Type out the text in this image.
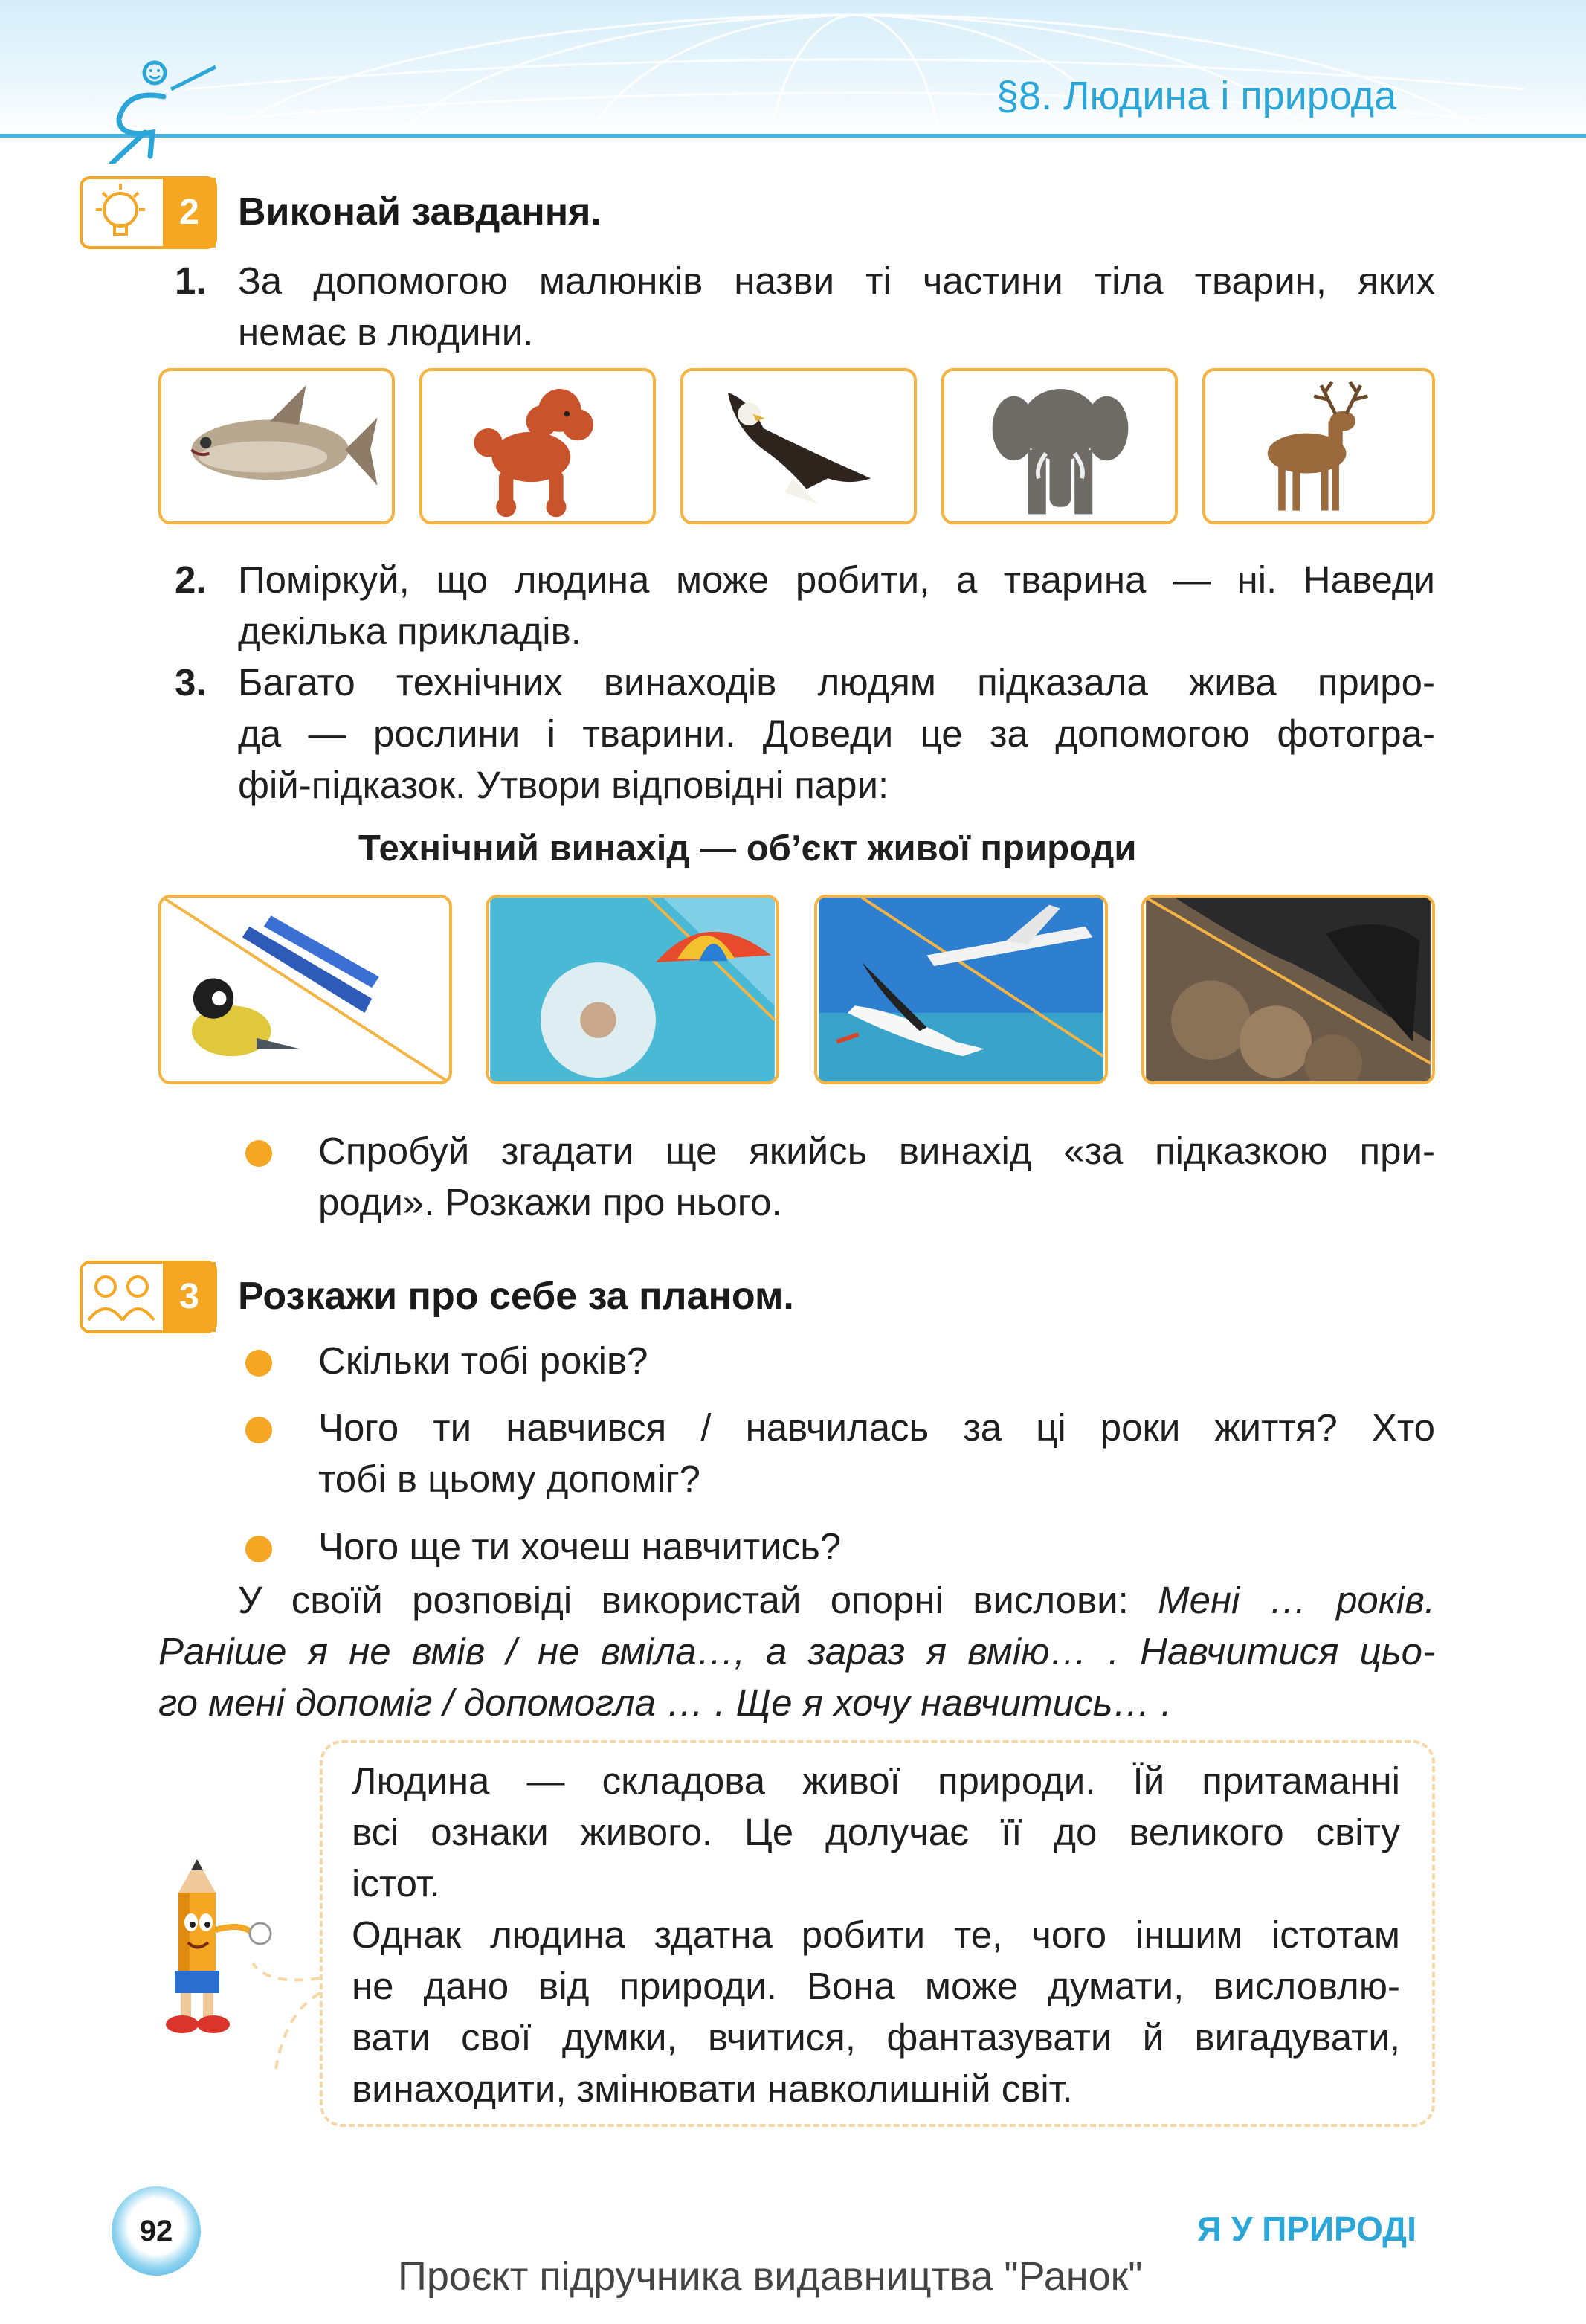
§8. Людина і природа
2	Виконай завдання.
1. За допомогою малюнків назви ті частини тіла тварин, яких
немає в людини.
2. Поміркуй, що людина може робити, а тварина — ні. Наведи
декілька прикладів.
3. Багато технічних винаходів людям підказала жива приро-
да — рослини і тварини. Доведи це за допомогою фотогра-
фій-підказок. Утвори відповідні пари:
Технічний винахід — об’єкт живої природи
Спробуй згадати ще якийсь винахід «за підказкою при-
роди». Розкажи про нього.
3	Розкажи про себе за планом.
Скільки тобі років?
Чого ти навчився / навчилась за ці роки життя? Хто
тобі в цьому допоміг?
Чого ще ти хочеш навчитись?
У своїй розповіді використай опорні вислови: Мені … років.
Раніше я не вмів / не вміла…, а зараз я вмію… . Навчитися цьо-
го мені допоміг / допомогла … . Ще я хочу навчитись… .
Людина — складова живої природи. Їй притаманні
всі ознаки живого. Це долучає її до великого світу
істот.
Однак людина здатна робити те, чого іншим істотам
не дано від природи. Вона може думати, висловлю-
вати свої думки, вчитися, фантазувати й вигадувати,
винаходити, змінювати навколишній світ.
92	Я У ПРИРОДІ
Проєкт підручника видавництва "Ранок"
